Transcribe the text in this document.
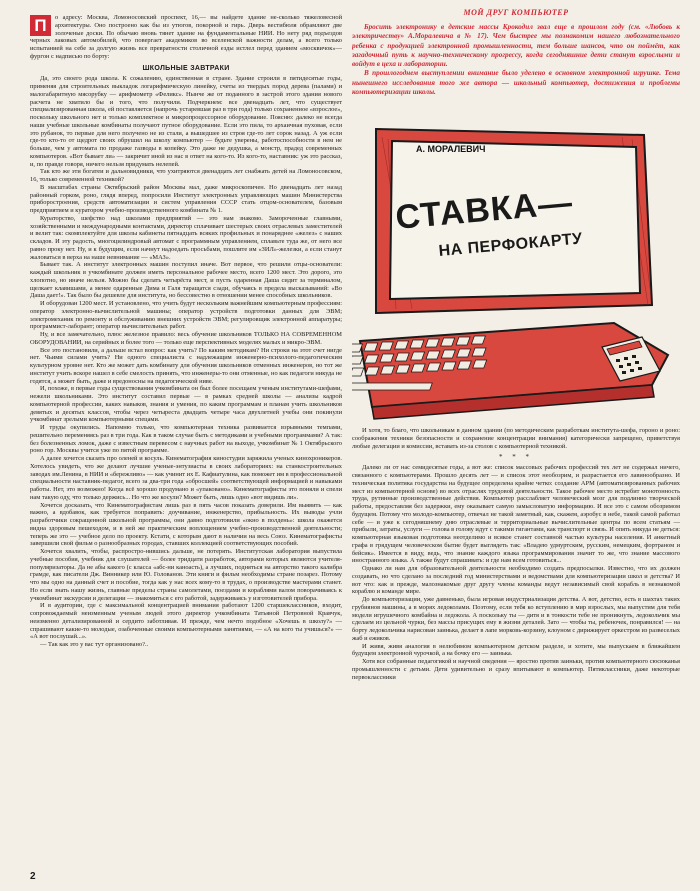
П	о адресу: Москва, Ломоносовский проспект, 16,— вы найдете здание не-сколько тяжеловесной архитектуры. Оно построено как бы из утюгов, покорной и гирь. Дверь вестибюля обрамляют две золоченые доски. По обычаю вновь тянет здание на фундаментальные НИИ. Но нету ряд подъездов черных лаковых автомобилей, что повергает академиков во вселенской важности делам, а всего только испытанией на себе за долгую жизнь все превратности столичной езды истлел перед зданием «москвичок»— фургон с надписью по борту:

ШКОЛЬНЫЕ ЗАВТРАКИ

Да, это своего рода школа. К сожалению, единственная в стране. Здание строили в пятидесятые годы, применяя для строительных выкладок логарифмическую линейку, счеты из твердых пород дерева (палами) и малогабаритную мясорубку — арифмометр «Феликс». Нынче же от поданного в застрой этого здания нового расчета не хватило бы и того, что получили. Подчеркнем: все двенадцать лет, что существует специализированная школа, ей поставляется (напрочь устаревшая раз в три года) только сохраненное «взрослое», поскольку школьного нет и только комплектное и микропроцессорное оборудование. Поясню: далеко не всегда наши учебные школьные комбинаты получают путное оборудование. Если это пила, то архаичная пуховая, если это рубанок, то первые для него получено не из стали, а вышедшее из строя где-то лет сорок назад. А уж если где-то кто-то от щедрот своих обрушил на школу компьютер — будьте уверены, работоспособности в нем не больше, чем у автомата по продаже газводы в копейку. Это даже не дедушка, а монстр, прадед современных компьютеров. «Вот бывает ли» — закричит иной из нас в ответ на кого-то. Из кого-то, наставник: уж это рассказ, и, по правде говоря, ничего нельзя придумать нелепей.

Так кто же эти богатеи и дальновидники, что ухитряются двенадцать лет снабжать детей на Ломоносовском, 16, только современной техникой?

В масштабах страны Октябрьский район Москвы мал, даже микроскопичен. Но двенадцать лет назад районный горком, роно, глядя вперед, попросили Институт электронных управляющих машин Министерства приборостроения, средств автоматизации и систем управления СССР стать отцом-основателем, базовым предприятием и куратором учебно-производственного комбината № 1.

Кураторство, шефство над школами предприятий — это нам знакомо. Замороченные главными, хозяйственными и международными контактами, директор сплачивает шестерых своих отраслевых заместителей и велит так: скомплектуйте для школы кабинеты пятнадцать всяких профильных и понаряднее «желез» с наших складов. И эту радость, многоцилиндровый автомат с программным управлением, сплавьте туда же, от него все равно проку нет. Ну, и к будущим, если начнут надоедать просьбами, пошлите им «ЗИЛ»-железки, а если станут жаловаться в верха на наше невнимание — «МАЗ».

Бывает так. А институт электронных машин поступил иначе. Вот первое, что решили отцы-основатели: каждый школьник в учкомбинате должен иметь персональное рабочее место, всего 1200 мест. Это дорого, это хлопотно, но иначе нельзя. Можно бы сделать четырёста мест, и пусть одаренная Даша сидит за терминалом, щелкает клавишами, а менее одаренные Дима и Галя таращатся сзади, обучаясь в предела высказываний: «Во Даша дает!». Так было бы дешевле для института, но бессовестно в отношении менее способных школьников.

И оборудован 1200 мест. И установлено, что учить будут нескольким важнейшим компьютерным профессиям: оператор электронно-вычислительной машины; оператор устройств подготовки данных для ЭВМ; электромеханик по ремонту и обслуживанию внешних устройств ЭВМ; регулировщик электронной аппаратуры; программист-лаборант; оператор вычислительных работ.

Ну, и все замечательно, плюс железное правило: весь обучение школьников ТОЛЬКО НА СОВРЕМЕННОМ ОБОРУДОВАНИИ, на серийных и более того — только еще перспективных моделях малых и микро-ЭВМ.

Все это постановили, а дальше встал вопрос: как учить? По каким методикам? Ни строки на этот счет нигде нет. Чьими силами учить? Ни одного специалиста с надлежащим инженерно-психолого-педагогическим культурном уровне нет. Кто же может дать комбинату для обучения школьников отменных инженеров, но тот же институт учить вскоре нашел в себе смелость принять, что инженеры-то они отменные, но как педагоги никуда не годятся, а может быть, даже и вредоносны на педагогической ниве.

И, похоже, в первые годы существования учкомбината он был более посещаем ученым институтами-шефами, нежели школьниками. Это институт составил первые — в рамках средней школы — анализы кадрой компьютерной профессии, каких навыков, знания и умения, по каким программам и планам учить школьников девятых и десятых классов, чтобы через четыреста двадцать четыре часа двухлетней учебы они покинули учкомбинат зрелыми компьютерными спецами.

И труды окупились. Напомню только, что компьютерная техника развивается взрывными темпами, решительно переменяясь раз в три года. Как в таком случае быть с методиками и учебными программами? А так: без болезненных ломок, даже с известным перевесом с научных работ на выходе, учкомбинат № 1 Октябрьского роно гор. Москвы учится уже по пятой программе.

А далее хочется сказать про оленей и косуль. Кинематография киностудии заряжила ученых кинохроникеров. Хотелось увидеть, что же делают лучшие ученые-энтузиасты в своих лабораториях: на станкостроительных заводах им.Ленина, в НИИ и «бережливо» — как учинит их Е. Кафиатулина, как поможет им в профессиональной специальности наставник-педагог, всего за два-три года «обросшей» соответствующей информацией и навыками работы. Нет, это возможно! Когда всё хорошо продумано и «упаковано». Кинематографисты это поняли и спели нам такую оду, что только держись... Но что же косули? Может быть, лишь одно «вот видишь ли».

Хочется досказать, что Кинематографистам лишь раз в пять часов показать доверили. Им выявить — как важно, а вдобавок, как требуется поправить: доучивание, инженерство, прибыльность. Их выводы учли разработчики сокращенной школьной программы, они давно подготовили «окно в полдень»: школа окажется видна здоровым пешеходом, и в ней же практическим воплощением учебно-производственной деятельности; теперь же это — учебное дело по проекту. Кстати, с которым дают в наличии на весь Союз. Кинематографисты завершили свой фильм о разнообразных городах, ставших коллекцией соответствующих пособий.

Хочется хвалить, чтобы, распростро-нившись дальше, не потерять. Институтская лаборатория выпустила учебные пособия, учебник для слушателей — более тридцати разработок, авторами которых являются учителя-популяризаторы. Да не абы какого (с класса «абс-ни каноасть), а лучших, подняться на авторство такого калибра грамде, как писатели Дж. Винникер или Ю. Голованов. Эти книги и фильм необходимы стране позарез. Потому что мы одно на данный счет и пособие, тогда как у нас всех кому-то в трудах, о производстве мастерами станет. Но если знать нашу жизнь, главные пределы страны самолетами, поездами и кораблями валом поворачиваясь к учкомбинат экскурсии и делегации — знакомиться с его работой, задерживаясь у изготовителей прибора.

И в аудитории, где с максимальной концентрацией внимания работают 1200 старшеклассников, входит, сопровождаемый неизменным ученым людей этого директор учкомбината Татьяной Петровной Кравчук, неизменно детализированной и сердито заботливая. И прежде, чем нечто подобное «Хочешь в школу?» — спрашивают какие-то молодые, озабоченные своими компьютерными занятиями, — «А на кого ты учишься?» — «А вот послушай...».

— Так как это у вас тут организовано?..

МОЙ ДРУГ КОМПЬЮТЕР

Бросить электронику в детские массы Крокодил звал еще в прошлом году (см. «Любовь к электричеству» А.Моралевича в № 17). Чем быстрее мы познакомим нашего любознательного ребенка с продукцией электронной промышленности, тем больше шансов, что он поймёт, как загадочный путь к научно-техническому прогрессу, когда сегодняшние дети станут взрослыми и войдут в цеха и лаборатории.

В прошлогоднем выступлении внимание было уделено в основном электронной игрушке. Тема нынешнего исследования того же автора — школьный компьютер, достижения и проблемы компьютеризации школы.

А. МОРАЛЕВИЧ
СТАВКА—
НА ПЕРФОКАРТУ

И хотя, то благо, что школьникам в данном здании (по методическим разработкам института-шефа, гороно и роно: соображения техники безопасности и сохранение концентрации внимания) категорически запрещено, приветствуя любые делегации и комиссии, вставать из-за столов с компьютерной техникой.

* * *

Далеко ли от нас семидесятые годы, а вот же: список массовых рабочих профессий тех лет не содержал ничего, связанного с компьютерами. Прошло десять лет — и список этот необозрим, и разрастается его лавинообразно. И техническая политика государства на будущее определена крайне четко: создание АРМ (автоматизированных рабочих мест из компьютерной основе) во всех отраслях трудовой деятельности. Такое рабочее место истребит монотонность труда, рутинные производственные действия. Компьютер расслабляет человеческий мозг для подлинно творческой работы, предоставляя без задержки, ему оказывает самую замысловатую информацию. И все это с самом обозримом будущем. Потому что молодо-компьютер, отвечал не такой заметный, как, скажем, аэробус в небе, такой самой работал себе — и уже к сегодняшнему дню отраслевые и территориальные вычислительные центры по всем статьям — прибыли, затраты, услуги — голова в голову идут с такими гигантами, как транспорт и связь. И опять никуда не деться: компьютерная языковая подготовка неотделимо и всякое станет составной частью культуры населения. И анкетный графа в грядущем человеческом бытие будет выглядеть так: «Владею удмуртским, русским, немецким, фортраном и бейсик». Имеется в виду, ведь, что знание каждого языка программирования значит то же, что знание массового иностранного языка. А также будут спрашивать: и где нам всем готовиться...

Однако ли нам для образовательной деятельности необходимо создать предпосылки. Известно, что их должен создавать, но что сделано за последний год министерствами и ведомствами для компьютеризации школ и детства? И вот что: как и прежде, малознакомые друг другу члены команды ведут независимый свой корабль в незнакомой кораблю и команде мире.

До компьютеризации, уже давненько, была игровая индустриализация детства. А вот, детство, есть в шахтах таких грубиянов машины, а в морях ледоколами. Поэтому, если тебя ко вступлению в мир взрослых, мы выпустим для тебя модели игрушечного комбайна и ледокола. А поскольку ты — дитя и в тонкости тебе не проникнуть, ледокольчик мы сделаем из цельной чурки, без массы присущих ему в жизни деталей. Зато — чтобы ты, ребеночек, понравился! — на борту ледокольчика нарисован заинька, делает в лапе морковь-корзину, клоуном с дирижирует оркестром из развеселых жаб и ежиков.

И живя, живя аналогия в нелюбимом компьютерном детском разделе, и хотите, мы выпускаем в ближайшем будущем электронной чурочкой, а на бочку его — заинька.

Хотя все собранные педагогикой и научной сведения — яростно против заиньки, против компьютерного сюсюканья промышленности с детьми. Дети удивительно и сразу впитывают в компьютер. Пятиклассники, даже некоторые первоклассники

2
